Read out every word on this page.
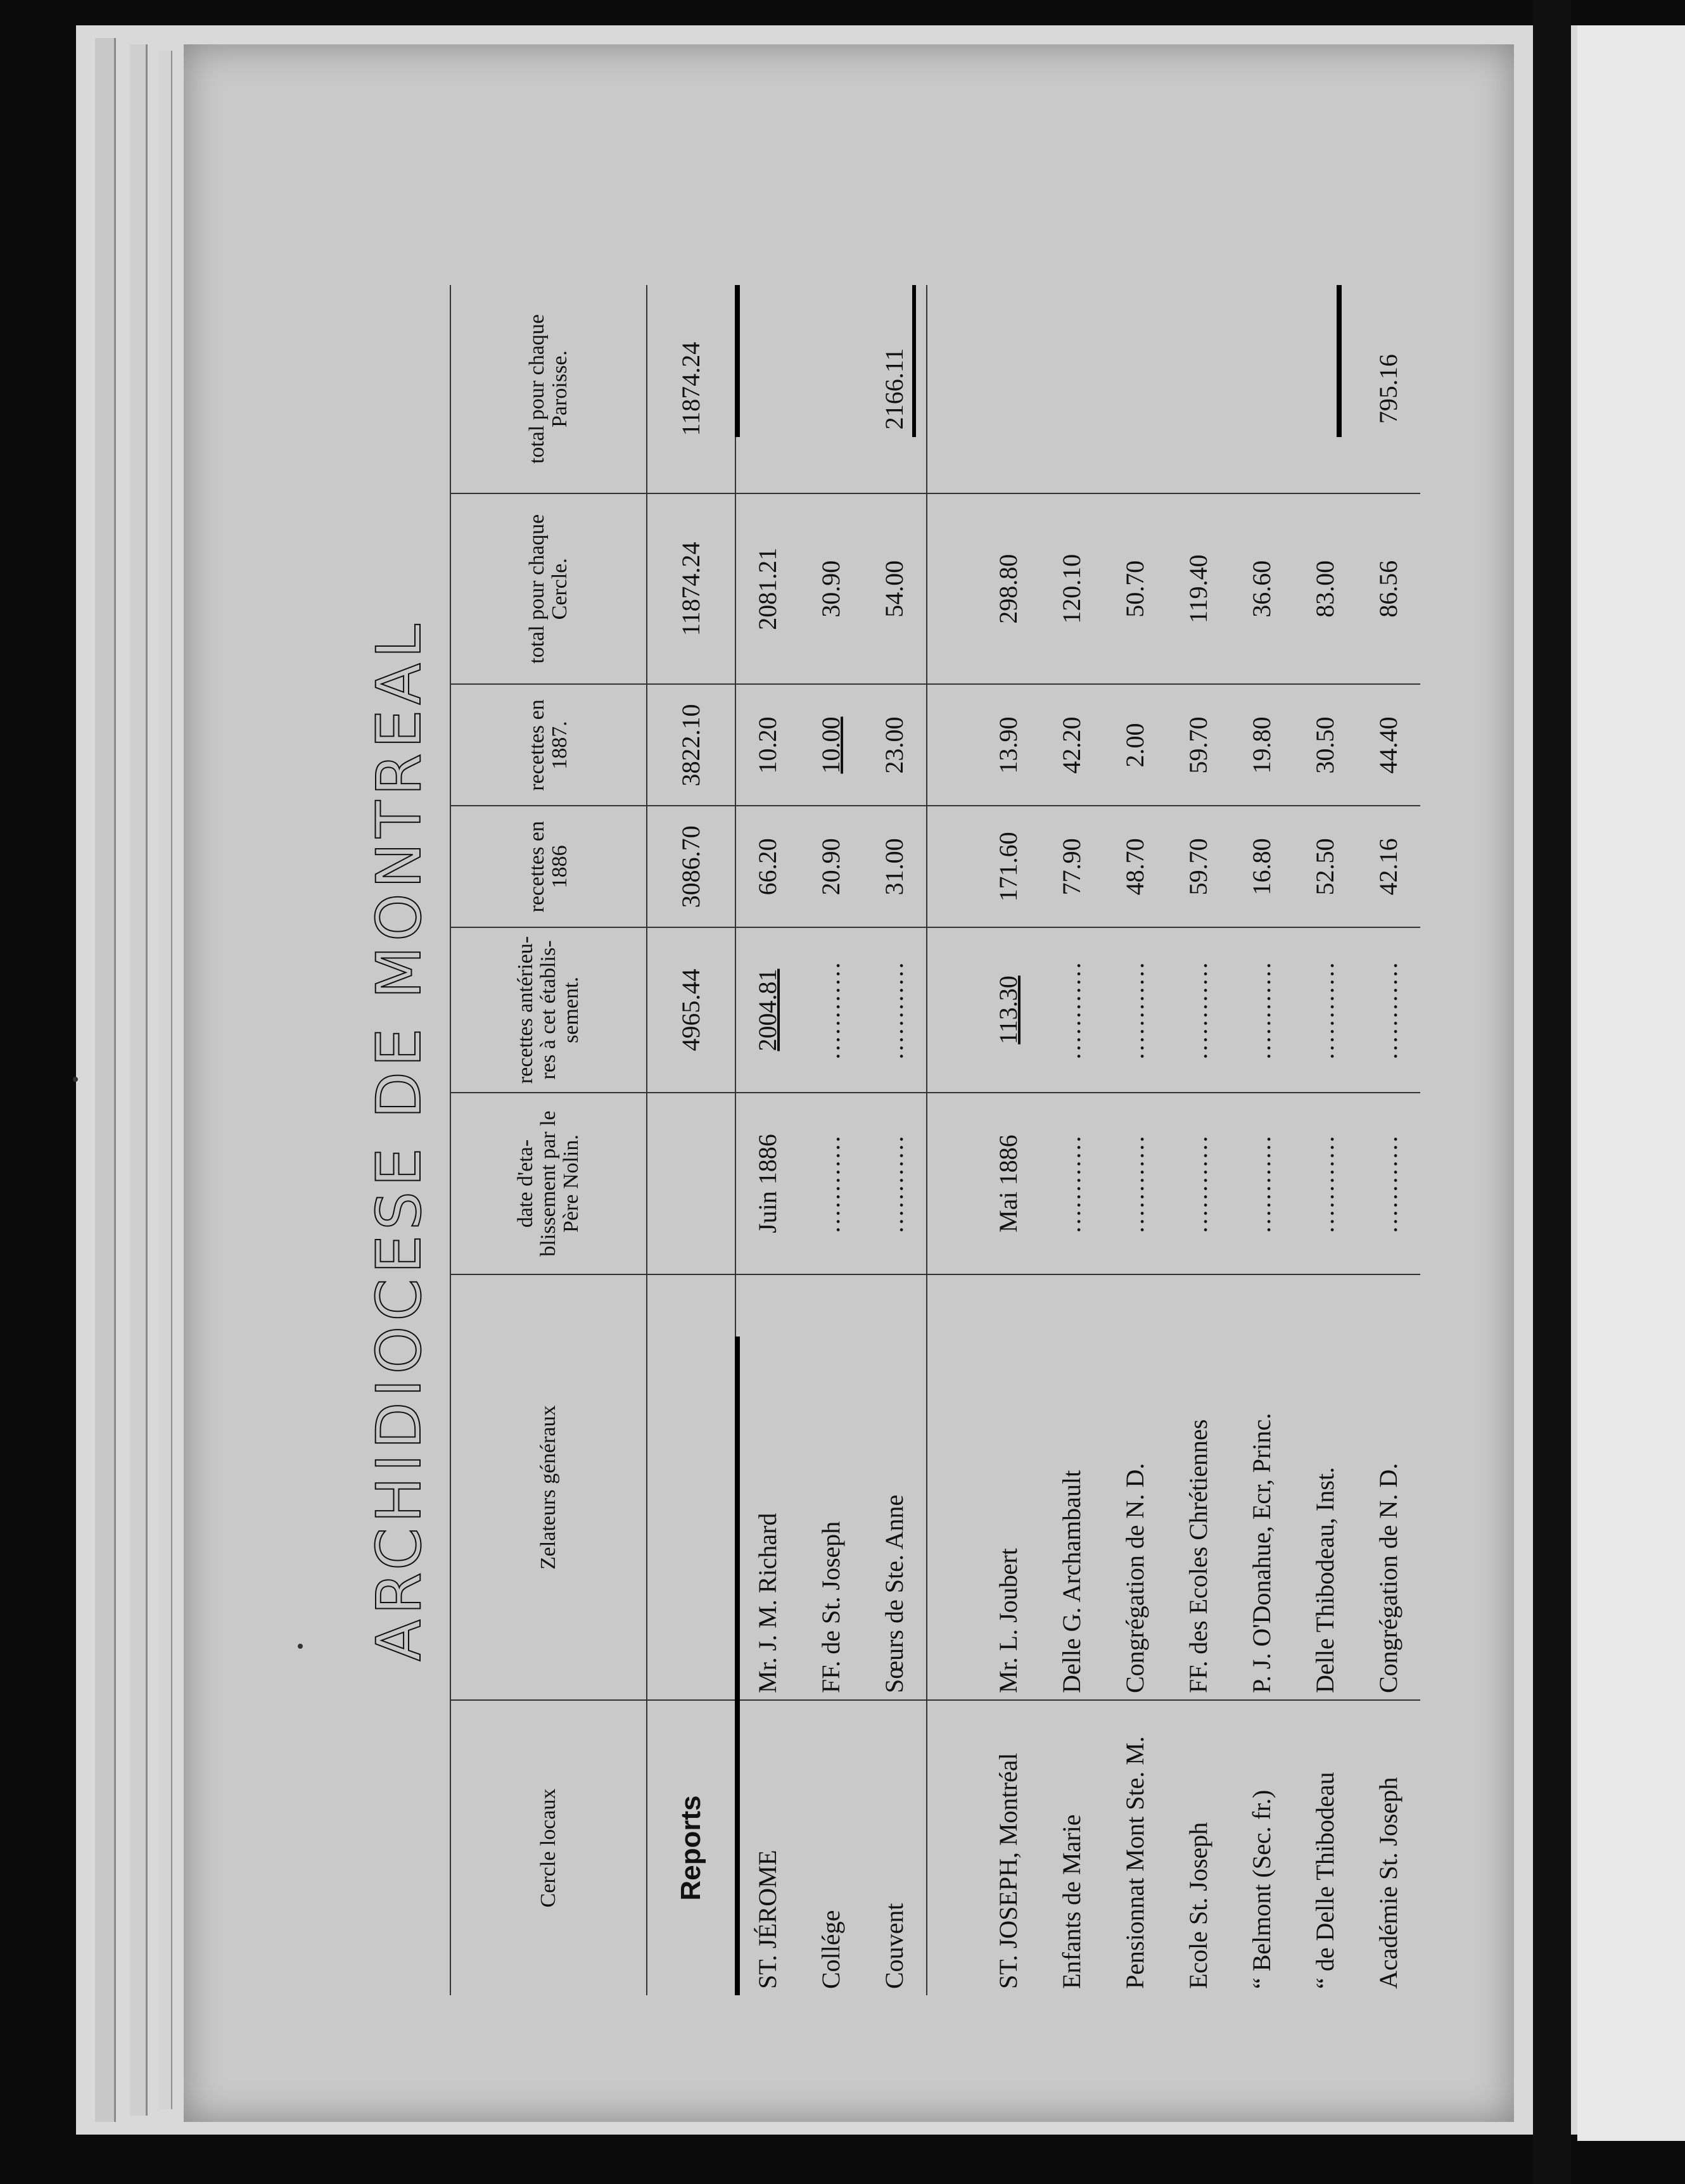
ARCHIDIOCESE DE MONTREAL
Cercle locaux	Zelateurs généraux	date d'eta-blissement par le Père Nolin.	recettes antérieu-res à cet établis-sement.	recettes en 1886	recettes en 1887.	total pour chaque Cercle.	total pour chaque Paroisse.
Reports			4965.44	3086.70	3822.10	11874.24	11874.24
ST. JÉROME	Mr. J. M. Richard	Juin 1886	2004.81	66.20	10.20	2081.21	
Collége	FF. de St. Joseph	............	............	20.90	10.00	30.90	
Couvent	Sœurs de Ste. Anne	............	............	31.00	23.00	54.00	2166.11

ST. JOSEPH, Montréal	Mr. L. Joubert	Mai 1886	113.30	171.60	13.90	298.80	
Enfants de Marie	Delle G. Archambault	............	............	77.90	42.20	120.10	
Pensionnat Mont Ste. M.	Congrégation de N. D.	............	............	48.70	2.00	50.70	
Ecole St. Joseph	FF. des Ecoles Chrétiennes	............	............	59.70	59.70	119.40	
“ Belmont (Sec. fr.)	P. J. O'Donahue, Ecr, Princ.	............	............	16.80	19.80	36.60	
“ de Delle Thibodeau	Delle Thibodeau, Inst.	............	............	52.50	30.50	83.00	
Académie St. Joseph	Congrégation de N. D.	............	............	42.16	44.40	86.56	795.16
